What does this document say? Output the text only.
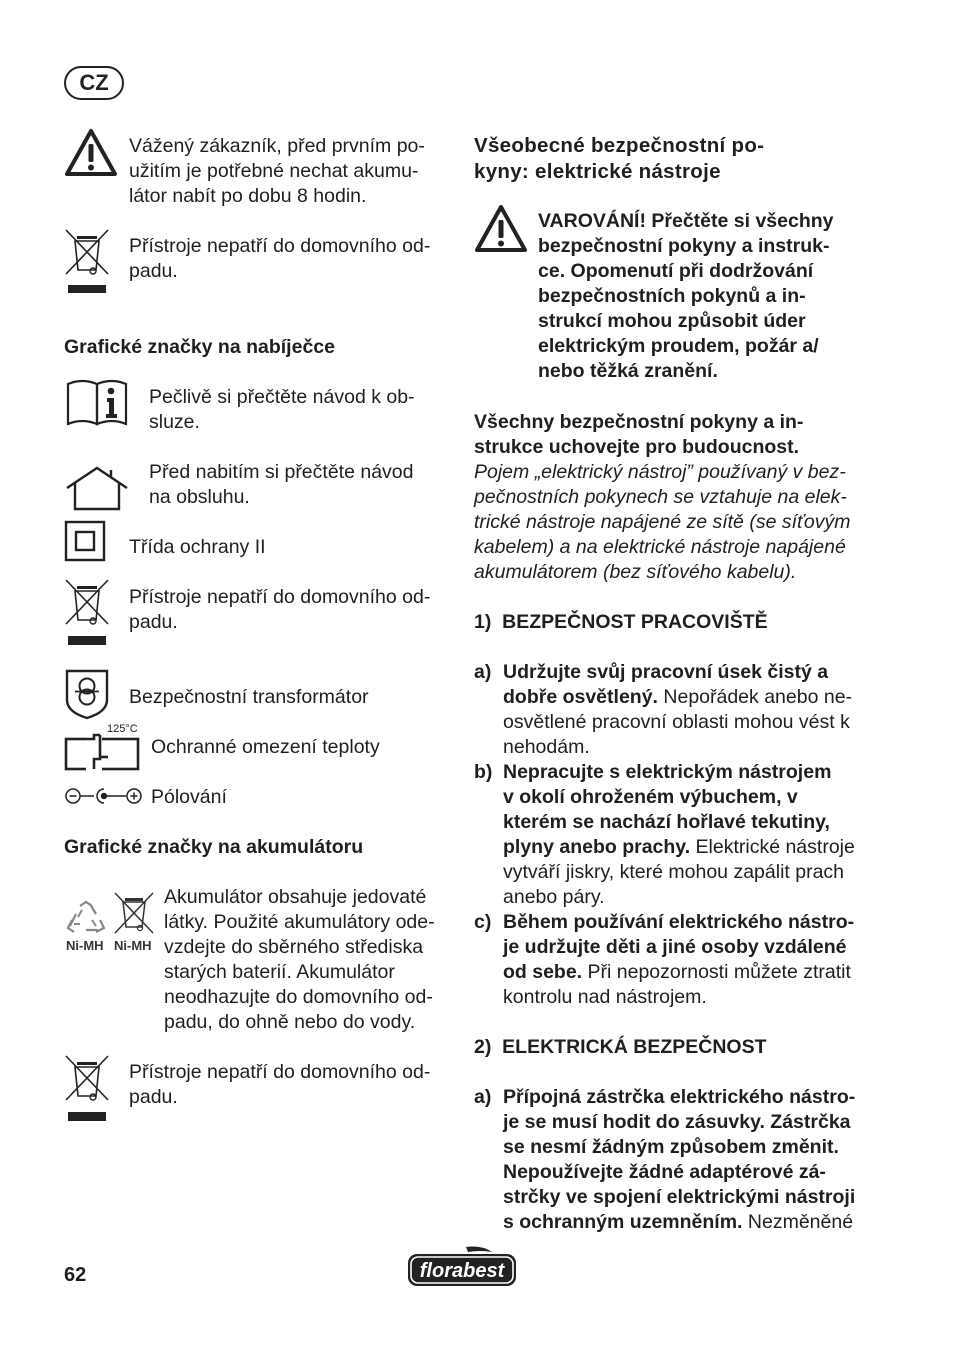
CZ
Vážený zákazník, před prvním po-
užitím je potřebné nechat akumu-
látor nabít po dobu 8 hodin.
Přístroje nepatří do domovního od-
padu.
Grafické značky na nabíječce
Pečlivě si přečtěte návod k ob-
sluze.
Před nabitím si přečtěte návod
na obsluhu.
Třída ochrany II
Přístroje nepatří do domovního od-
padu.
Bezpečnostní transformátor
125°C
Ochranné omezení teploty
Pólování
Grafické značky na akumulátoru
Ni-MH Ni-MH
Akumulátor obsahuje jedovaté
látky. Použité akumulátory ode-
vzdejte do sběrného střediska
starých baterií. Akumulátor
neodhazujte do domovního od-
padu, do ohně nebo do vody.
Přístroje nepatří do domovního od-
padu.
Všeobecné bezpečnostní po-
kyny: elektrické nástroje
VAROVÁNÍ! Přečtěte si všechny
bezpečnostní pokyny a instruk-
ce. Opomenutí při dodržování
bezpečnostních pokynů a in-
strukcí mohou způsobit úder
elektrickým proudem, požár a/
nebo těžká zranění.
Všechny bezpečnostní pokyny a in-
strukce uchovejte pro budoucnost.
Pojem „elektrický nástroj” používaný v bez-
pečnostních pokynech se vztahuje na elek-
trické nástroje napájené ze sítě (se síťovým
kabelem) a na elektrické nástroje napájené
akumulátorem (bez síťového kabelu).
1)  BEZPEČNOST PRACOVIŠTĚ
a) Udržujte svůj pracovní úsek čistý a
dobře osvětlený. Nepořádek anebo ne-
osvětlené pracovní oblasti mohou vést k
nehodám.
b) Nepracujte s elektrickým nástrojem
v okolí ohroženém výbuchem, v
kterém se nachází hořlavé tekutiny,
plyny anebo prachy. Elektrické nástroje
vytváří jiskry, které mohou zapálit prach
anebo páry.
c) Během používání elektrického nástro-
je udržujte děti a jiné osoby vzdálené
od sebe. Při nepozornosti můžete ztratit
kontrolu nad nástrojem.
2)  ELEKTRICKÁ BEZPEČNOST
a) Přípojná zástrčka elektrického nástro-
je se musí hodit do zásuvky. Zástrčka
se nesmí žádným způsobem změnit.
Nepoužívejte žádné adaptérové zá-
strčky ve spojení elektrickými nástroji
s ochranným uzemněním. Nezměněné
62	florabest
